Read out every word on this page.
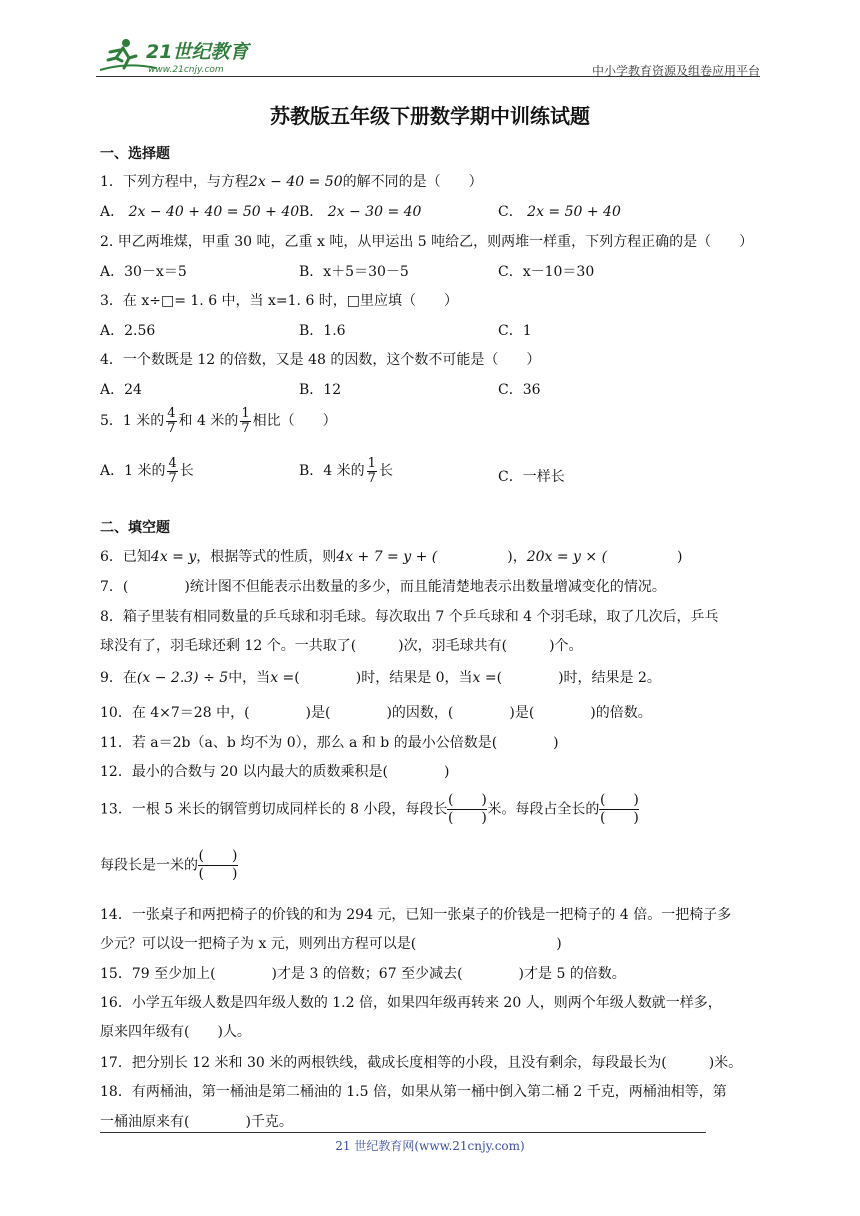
21世纪教育
www.21cnjy.com	中小学教育资源及组卷应用平台
苏教版五年级下册数学期中训练试题
一、选择题
1．下列方程中，与方程2x − 40 = 50的解不同的是（　　）
A． 2x − 40 + 40 = 50 + 40 B． 2x − 30 = 40	C． 2x = 50 + 40
2. 甲乙两堆煤，甲重 30 吨，乙重 x 吨，从甲运出 5 吨给乙，则两堆一样重，下列方程正确的是（　　）
A．30－x＝5	B．x＋5＝30－5	C．x－10＝30
3．在 x÷□= 1. 6 中，当 x=1. 6 时，□里应填（　　）
A．2.56	B．1.6	C．1
4．一个数既是 12 的倍数，又是 48 的因数，这个数不可能是（　　）
A．24	B．12	C．36
5．1 米的 $\frac{4}{7}$ 和 4 米的 $\frac{1}{7}$ 相比（　　）
A．1 米的 $\frac{4}{7}$ 长	B．4 米的 $\frac{1}{7}$ 长	C．一样长
二、填空题
6．已知4x = y，根据等式的性质，则4x + 7 = y + (　　　　　)，20x = y × (　　　　　)
7．(　　　　)统计图不但能表示出数量的多少，而且能清楚地表示出数量增减变化的情况。
8．箱子里装有相同数量的乒乓球和羽毛球。每次取出 7 个乒乓球和 4 个羽毛球，取了几次后，乒乓
球没有了，羽毛球还剩 12 个。一共取了(　　　)次，羽毛球共有(　　　)个。
9．在(x − 2.3) ÷ 5中，当x =(　　　　)时，结果是 0，当x =(　　　　)时，结果是 2。
10．在 4×7＝28 中，(　　　　)是(　　　　)的因数，(　　　　)是(　　　　)的倍数。
11．若 a＝2b（a、b 均不为 0），那么 a 和 b 的最小公倍数是(　　　　)
12．最小的合数与 20 以内最大的质数乘积是(　　　　)
13．一根 5 米长的钢管剪切成同样长的 8 小段，每段长 $\frac{( )}{( )}$ 米。每段占全长的 $\frac{( )}{( )}$
每段长是一米的 $\frac{( )}{( )}$
14．一张桌子和两把椅子的价钱的和为 294 元，已知一张桌子的价钱是一把椅子的 4 倍。一把椅子多
少元？可以设一把椅子为 x 元，则列出方程可以是(　　　　　　　　　　)
15．79 至少加上(　　　　)才是 3 的倍数；67 至少减去(　　　　)才是 5 的倍数。
16．小学五年级人数是四年级人数的 1.2 倍，如果四年级再转来 20 人，则两个年级人数就一样多，
原来四年级有(　　)人。
17．把分别长 12 米和 30 米的两根铁线，截成长度相等的小段，且没有剩余，每段最长为(　　　)米。
18．有两桶油，第一桶油是第二桶油的 1.5 倍，如果从第一桶中倒入第二桶 2 千克，两桶油相等，第
一桶油原来有(　　　　)千克。
21 世纪教育网(www.21cnjy.com)
